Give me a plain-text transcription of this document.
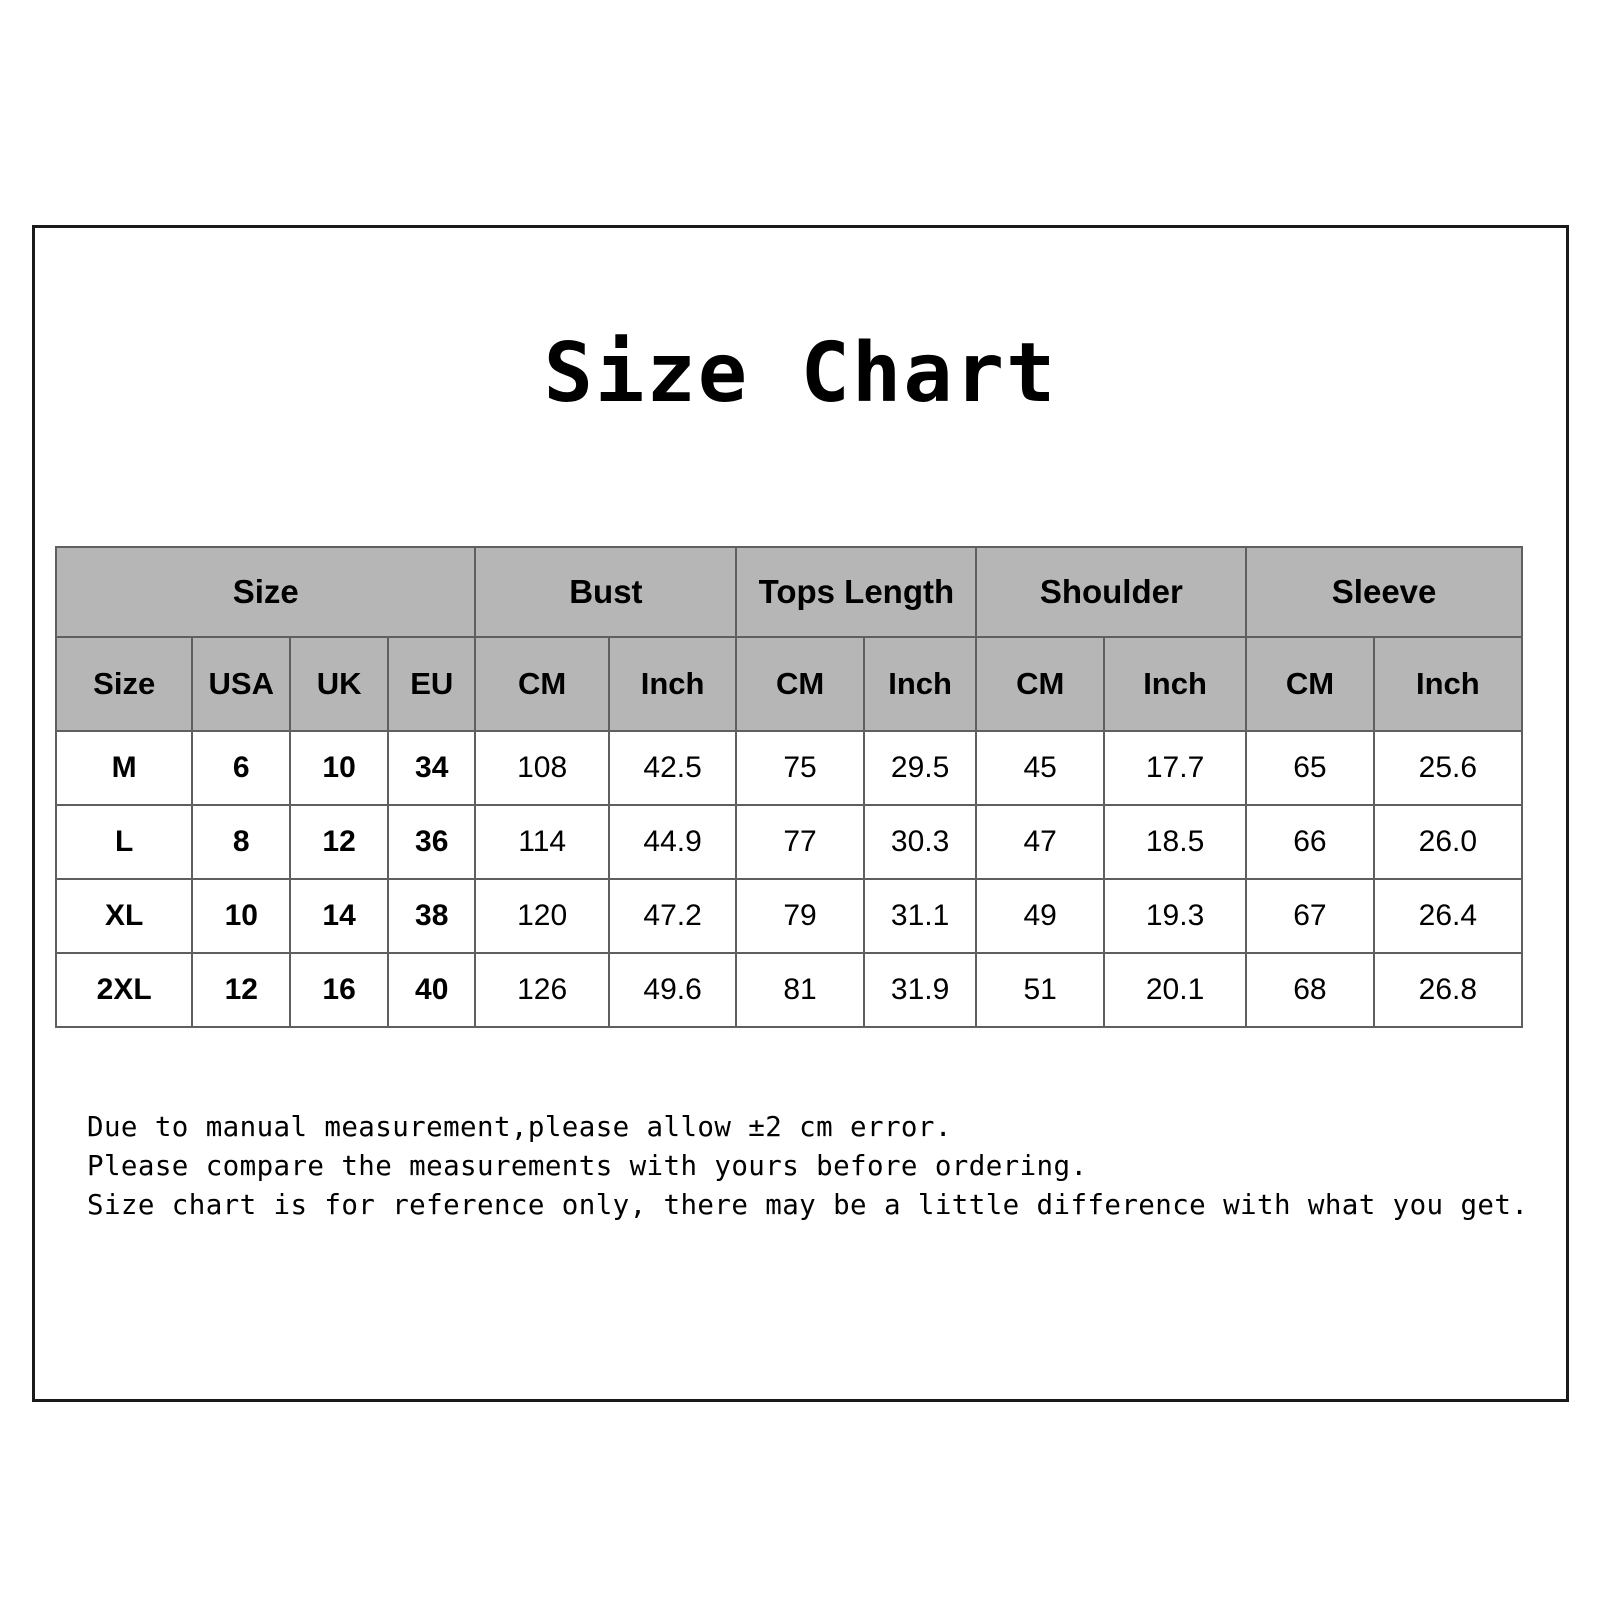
Size Chart
Size				Bust		Tops Length		Shoulder		Sleeve	
Size	USA	UK	EU	CM	Inch	CM	Inch	CM	Inch	CM	Inch
M	6	10	34	108	42.5	75	29.5	45	17.7	65	25.6
L	8	12	36	114	44.9	77	30.3	47	18.5	66	26.0
XL	10	14	38	120	47.2	79	31.1	49	19.3	67	26.4
2XL	12	16	40	126	49.6	81	31.9	51	20.1	68	26.8
Due to manual measurement,please allow ±2 cm error.
Please compare the measurements with yours before ordering.
Size chart is for reference only, there may be a little difference with what you get.
